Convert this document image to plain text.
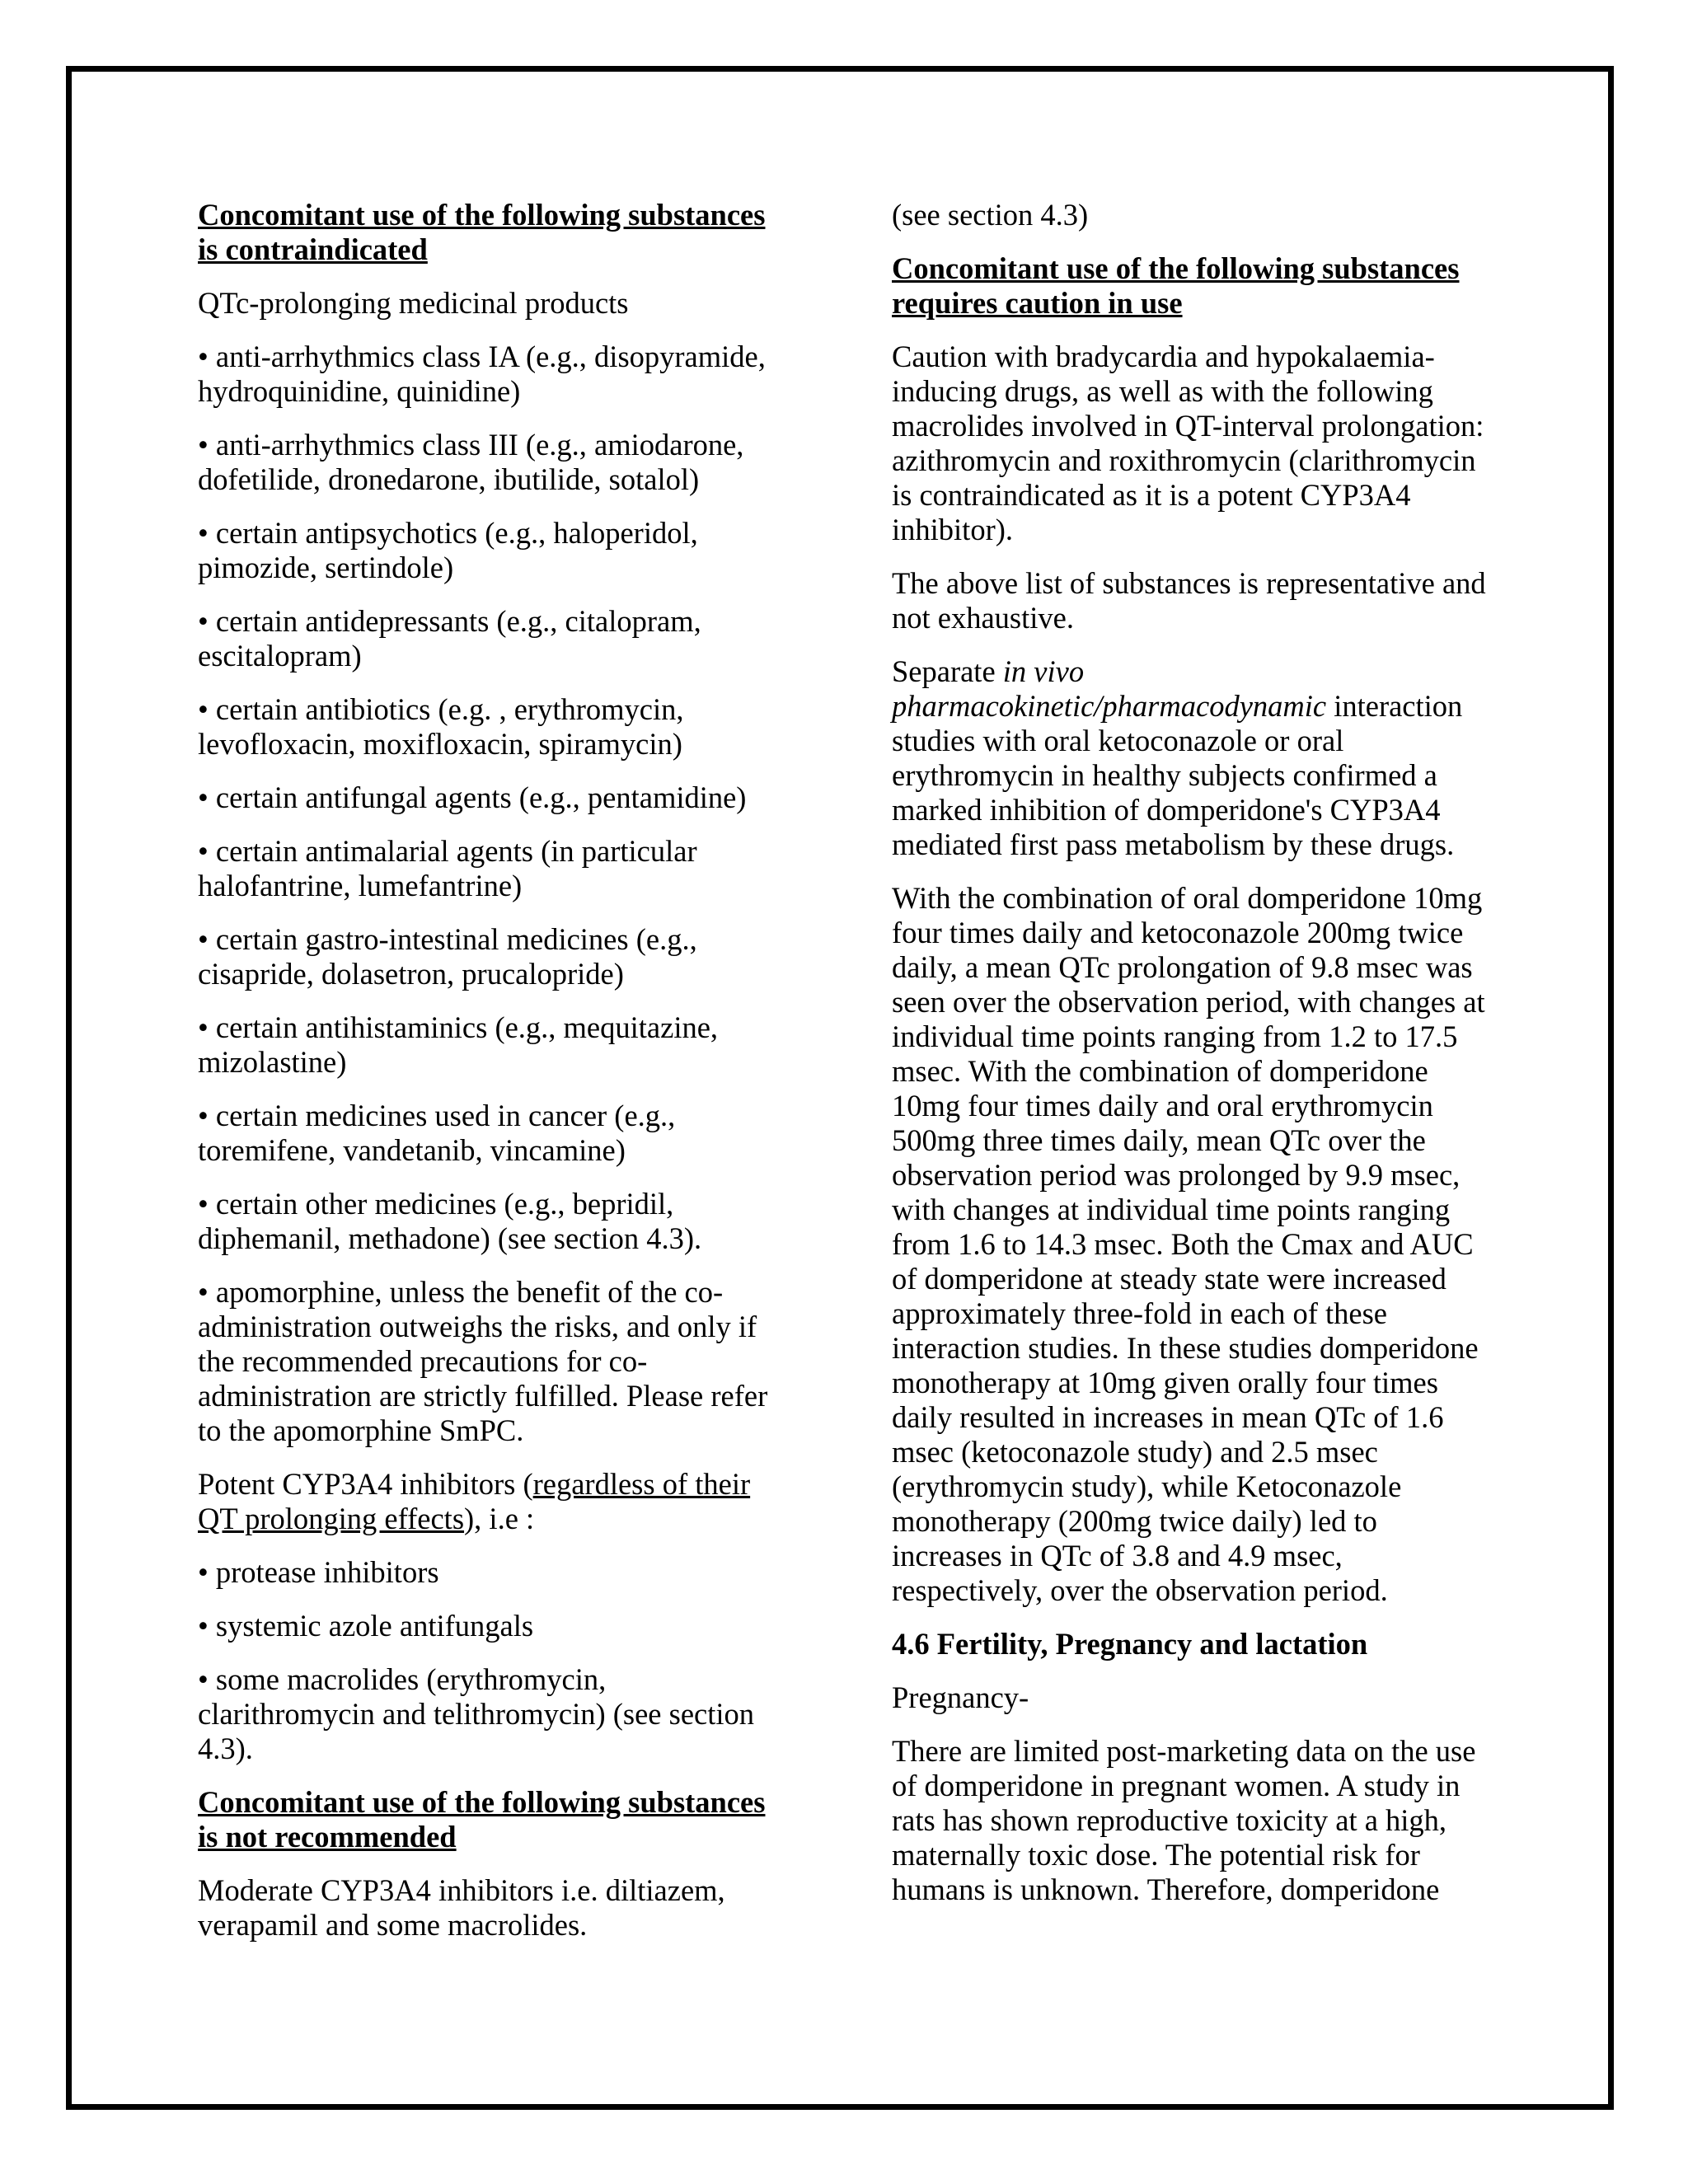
Concomitant use of the following substances is contraindicated

QTc-prolonging medicinal products

• anti-arrhythmics class IA (e.g., disopyramide, hydroquinidine, quinidine)

• anti-arrhythmics class III (e.g., amiodarone, dofetilide, dronedarone, ibutilide, sotalol)

• certain antipsychotics (e.g., haloperidol, pimozide, sertindole)

• certain antidepressants (e.g., citalopram, escitalopram)

• certain antibiotics (e.g. , erythromycin, levofloxacin, moxifloxacin, spiramycin)

• certain antifungal agents (e.g., pentamidine)

• certain antimalarial agents (in particular halofantrine, lumefantrine)

• certain gastro-intestinal medicines (e.g., cisapride, dolasetron, prucalopride)

• certain antihistaminics (e.g., mequitazine, mizolastine)

• certain medicines used in cancer (e.g., toremifene, vandetanib, vincamine)

• certain other medicines (e.g., bepridil, diphemanil, methadone) (see section 4.3).

• apomorphine, unless the benefit of the co-administration outweighs the risks, and only if the recommended precautions for co-administration are strictly fulfilled. Please refer to the apomorphine SmPC.

Potent CYP3A4 inhibitors (regardless of their QT prolonging effects), i.e :

• protease inhibitors

• systemic azole antifungals

• some macrolides (erythromycin, clarithromycin and telithromycin) (see section 4.3).

Concomitant use of the following substances is not recommended

Moderate CYP3A4 inhibitors i.e. diltiazem, verapamil and some macrolides.

(see section 4.3)

Concomitant use of the following substances requires caution in use

Caution with bradycardia and hypokalaemia-inducing drugs, as well as with the following macrolides involved in QT-interval prolongation: azithromycin and roxithromycin (clarithromycin is contraindicated as it is a potent CYP3A4 inhibitor).

The above list of substances is representative and not exhaustive.

Separate in vivo pharmacokinetic/pharmacodynamic interaction studies with oral ketoconazole or oral erythromycin in healthy subjects confirmed a marked inhibition of domperidone's CYP3A4 mediated first pass metabolism by these drugs.

With the combination of oral domperidone 10mg four times daily and ketoconazole 200mg twice daily, a mean QTc prolongation of 9.8 msec was seen over the observation period, with changes at individual time points ranging from 1.2 to 17.5 msec. With the combination of domperidone 10mg four times daily and oral erythromycin 500mg three times daily, mean QTc over the observation period was prolonged by 9.9 msec, with changes at individual time points ranging from 1.6 to 14.3 msec. Both the Cmax and AUC of domperidone at steady state were increased approximately three-fold in each of these interaction studies. In these studies domperidone monotherapy at 10mg given orally four times daily resulted in increases in mean QTc of 1.6 msec (ketoconazole study) and 2.5 msec (erythromycin study), while Ketoconazole monotherapy (200mg twice daily) led to increases in QTc of 3.8 and 4.9 msec, respectively, over the observation period.

4.6 Fertility, Pregnancy and lactation

Pregnancy-

There are limited post-marketing data on the use of domperidone in pregnant women. A study in rats has shown reproductive toxicity at a high, maternally toxic dose. The potential risk for humans is unknown. Therefore, domperidone
